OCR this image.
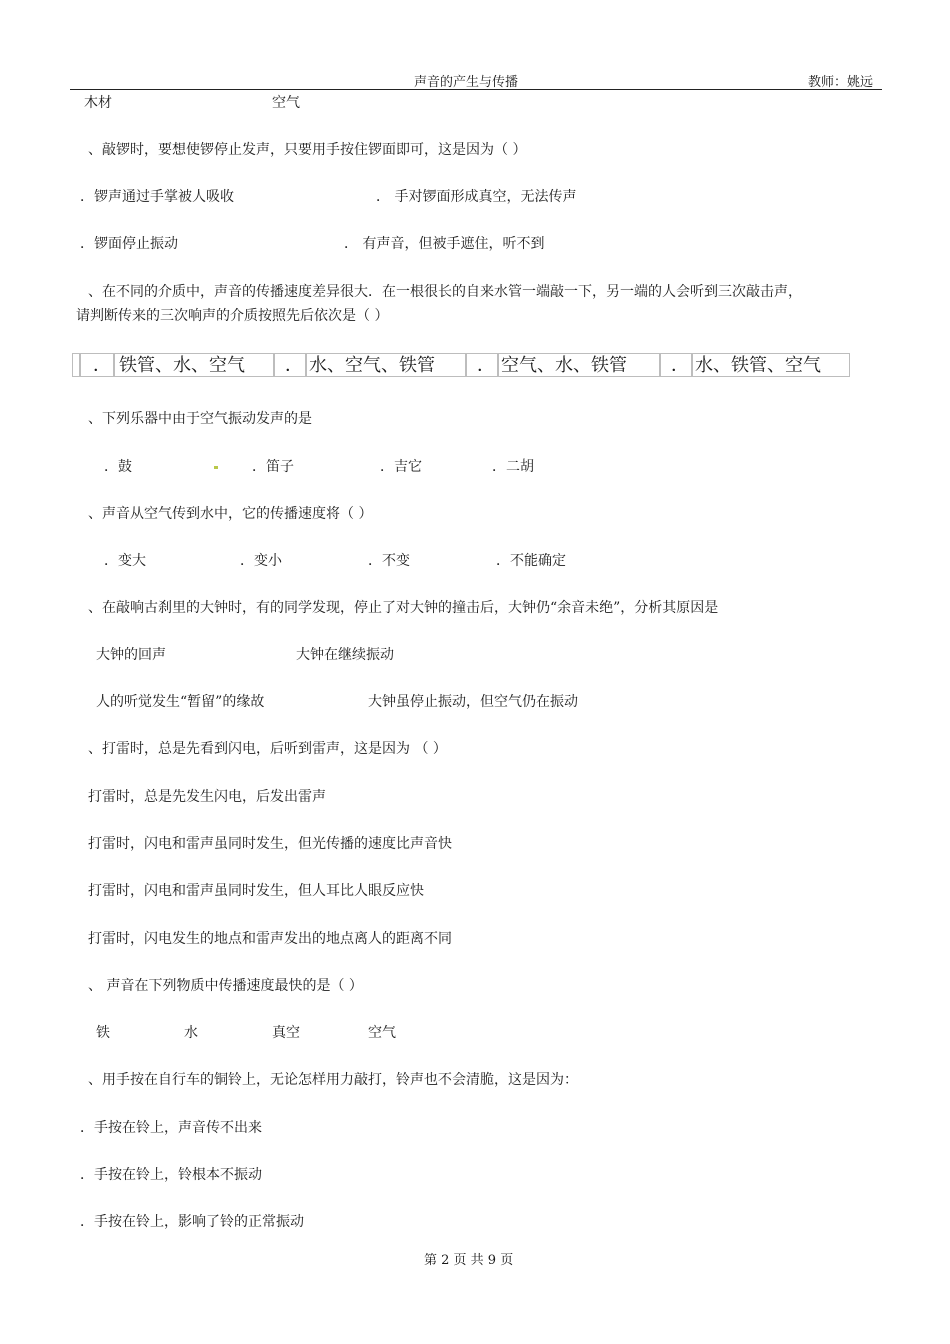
声音的产生与传播	教师：姚远
木材	空气
、敲锣时，要想使锣停止发声，只要用手按住锣面即可，这是因为（ ）
．锣声通过手掌被人吸收	． 手对锣面形成真空，无法传声
．锣面停止振动	． 有声音，但被手遮住，听不到
、在不同的介质中，声音的传播速度差异很大．在一根很长的自来水管一端敲一下，另一端的人会听到三次敲击声，
请判断传来的三次响声的介质按照先后依次是（ ）
． 铁管、水、空气	． 水、空气、铁管	． 空气、水、铁管	． 水、铁管、空气
、下列乐器中由于空气振动发声的是
．鼓	．笛子	．吉它	．二胡
、声音从空气传到水中，它的传播速度将（ ）
．变大	．变小	．不变	．不能确定
、在敲响古刹里的大钟时，有的同学发现，停止了对大钟的撞击后，大钟仍“余音未绝”，分析其原因是
大钟的回声	大钟在继续振动
人的听觉发生“暂留”的缘故	大钟虽停止振动，但空气仍在振动
、打雷时，总是先看到闪电，后听到雷声，这是因为 （ ）
打雷时，总是先发生闪电，后发出雷声
打雷时，闪电和雷声虽同时发生，但光传播的速度比声音快
打雷时，闪电和雷声虽同时发生，但人耳比人眼反应快
打雷时，闪电发生的地点和雷声发出的地点离人的距离不同
、 声音在下列物质中传播速度最快的是（ ）
铁	水	真空	空气
、用手按在自行车的铜铃上，无论怎样用力敲打，铃声也不会清脆，这是因为：
．手按在铃上，声音传不出来
．手按在铃上，铃根本不振动
．手按在铃上，影响了铃的正常振动
第 2 页 共 9 页
